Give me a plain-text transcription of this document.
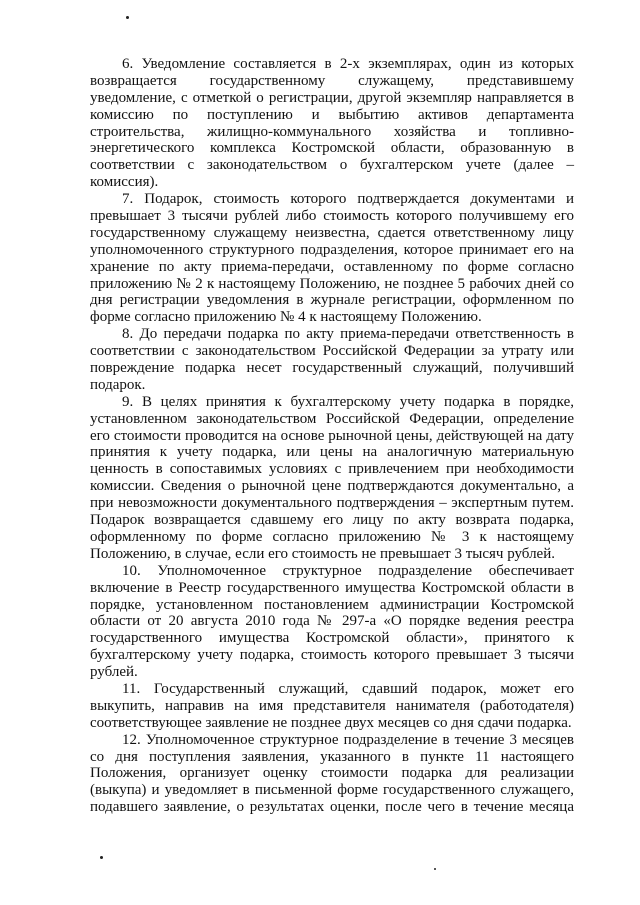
6. Уведомление составляется в 2-х экземплярах, один из которых
возвращается государственному служащему, представившему
уведомление, с отметкой о регистрации, другой экземпляр направляется в
комиссию по поступлению и выбытию активов департамента
строительства, жилищно-коммунального хозяйства и топливно-
энергетического комплекса Костромской области, образованную в
соответствии с законодательством о бухгалтерском учете (далее –
комиссия).
7. Подарок, стоимость которого подтверждается документами и
превышает 3 тысячи рублей либо стоимость которого получившему его
государственному служащему неизвестна, сдается ответственному лицу
уполномоченного структурного подразделения, которое принимает его на
хранение по акту приема-передачи, оставленному по форме согласно
приложению № 2 к настоящему Положению, не позднее 5 рабочих дней со
дня регистрации уведомления в журнале регистрации, оформленном по
форме согласно приложению № 4 к настоящему Положению.
8. До передачи подарка по акту приема-передачи ответственность в
соответствии с законодательством Российской Федерации за утрату или
повреждение подарка несет государственный служащий, получивший
подарок.
9. В целях принятия к бухгалтерскому учету подарка в порядке,
установленном законодательством Российской Федерации, определение
его стоимости проводится на основе рыночной цены, действующей на дату
принятия к учету подарка, или цены на аналогичную материальную
ценность в сопоставимых условиях с привлечением при необходимости
комиссии. Сведения о рыночной цене подтверждаются документально, а
при невозможности документального подтверждения – экспертным путем.
Подарок возвращается сдавшему его лицу по акту возврата подарка,
оформленному по форме согласно приложению № 3 к настоящему
Положению, в случае, если его стоимость не превышает 3 тысяч рублей.
10. Уполномоченное структурное подразделение обеспечивает
включение в Реестр государственного имущества Костромской области в
порядке, установленном постановлением администрации Костромской
области от 20 августа 2010 года № 297-а «О порядке ведения реестра
государственного имущества Костромской области», принятого к
бухгалтерскому учету подарка, стоимость которого превышает 3 тысячи
рублей.
11. Государственный служащий, сдавший подарок, может его
выкупить, направив на имя представителя нанимателя (работодателя)
соответствующее заявление не позднее двух месяцев со дня сдачи подарка.
12. Уполномоченное структурное подразделение в течение 3 месяцев
со дня поступления заявления, указанного в пункте 11 настоящего
Положения, организует оценку стоимости подарка для реализации
(выкупа) и уведомляет в письменной форме государственного служащего,
подавшего заявление, о результатах оценки, после чего в течение месяца
